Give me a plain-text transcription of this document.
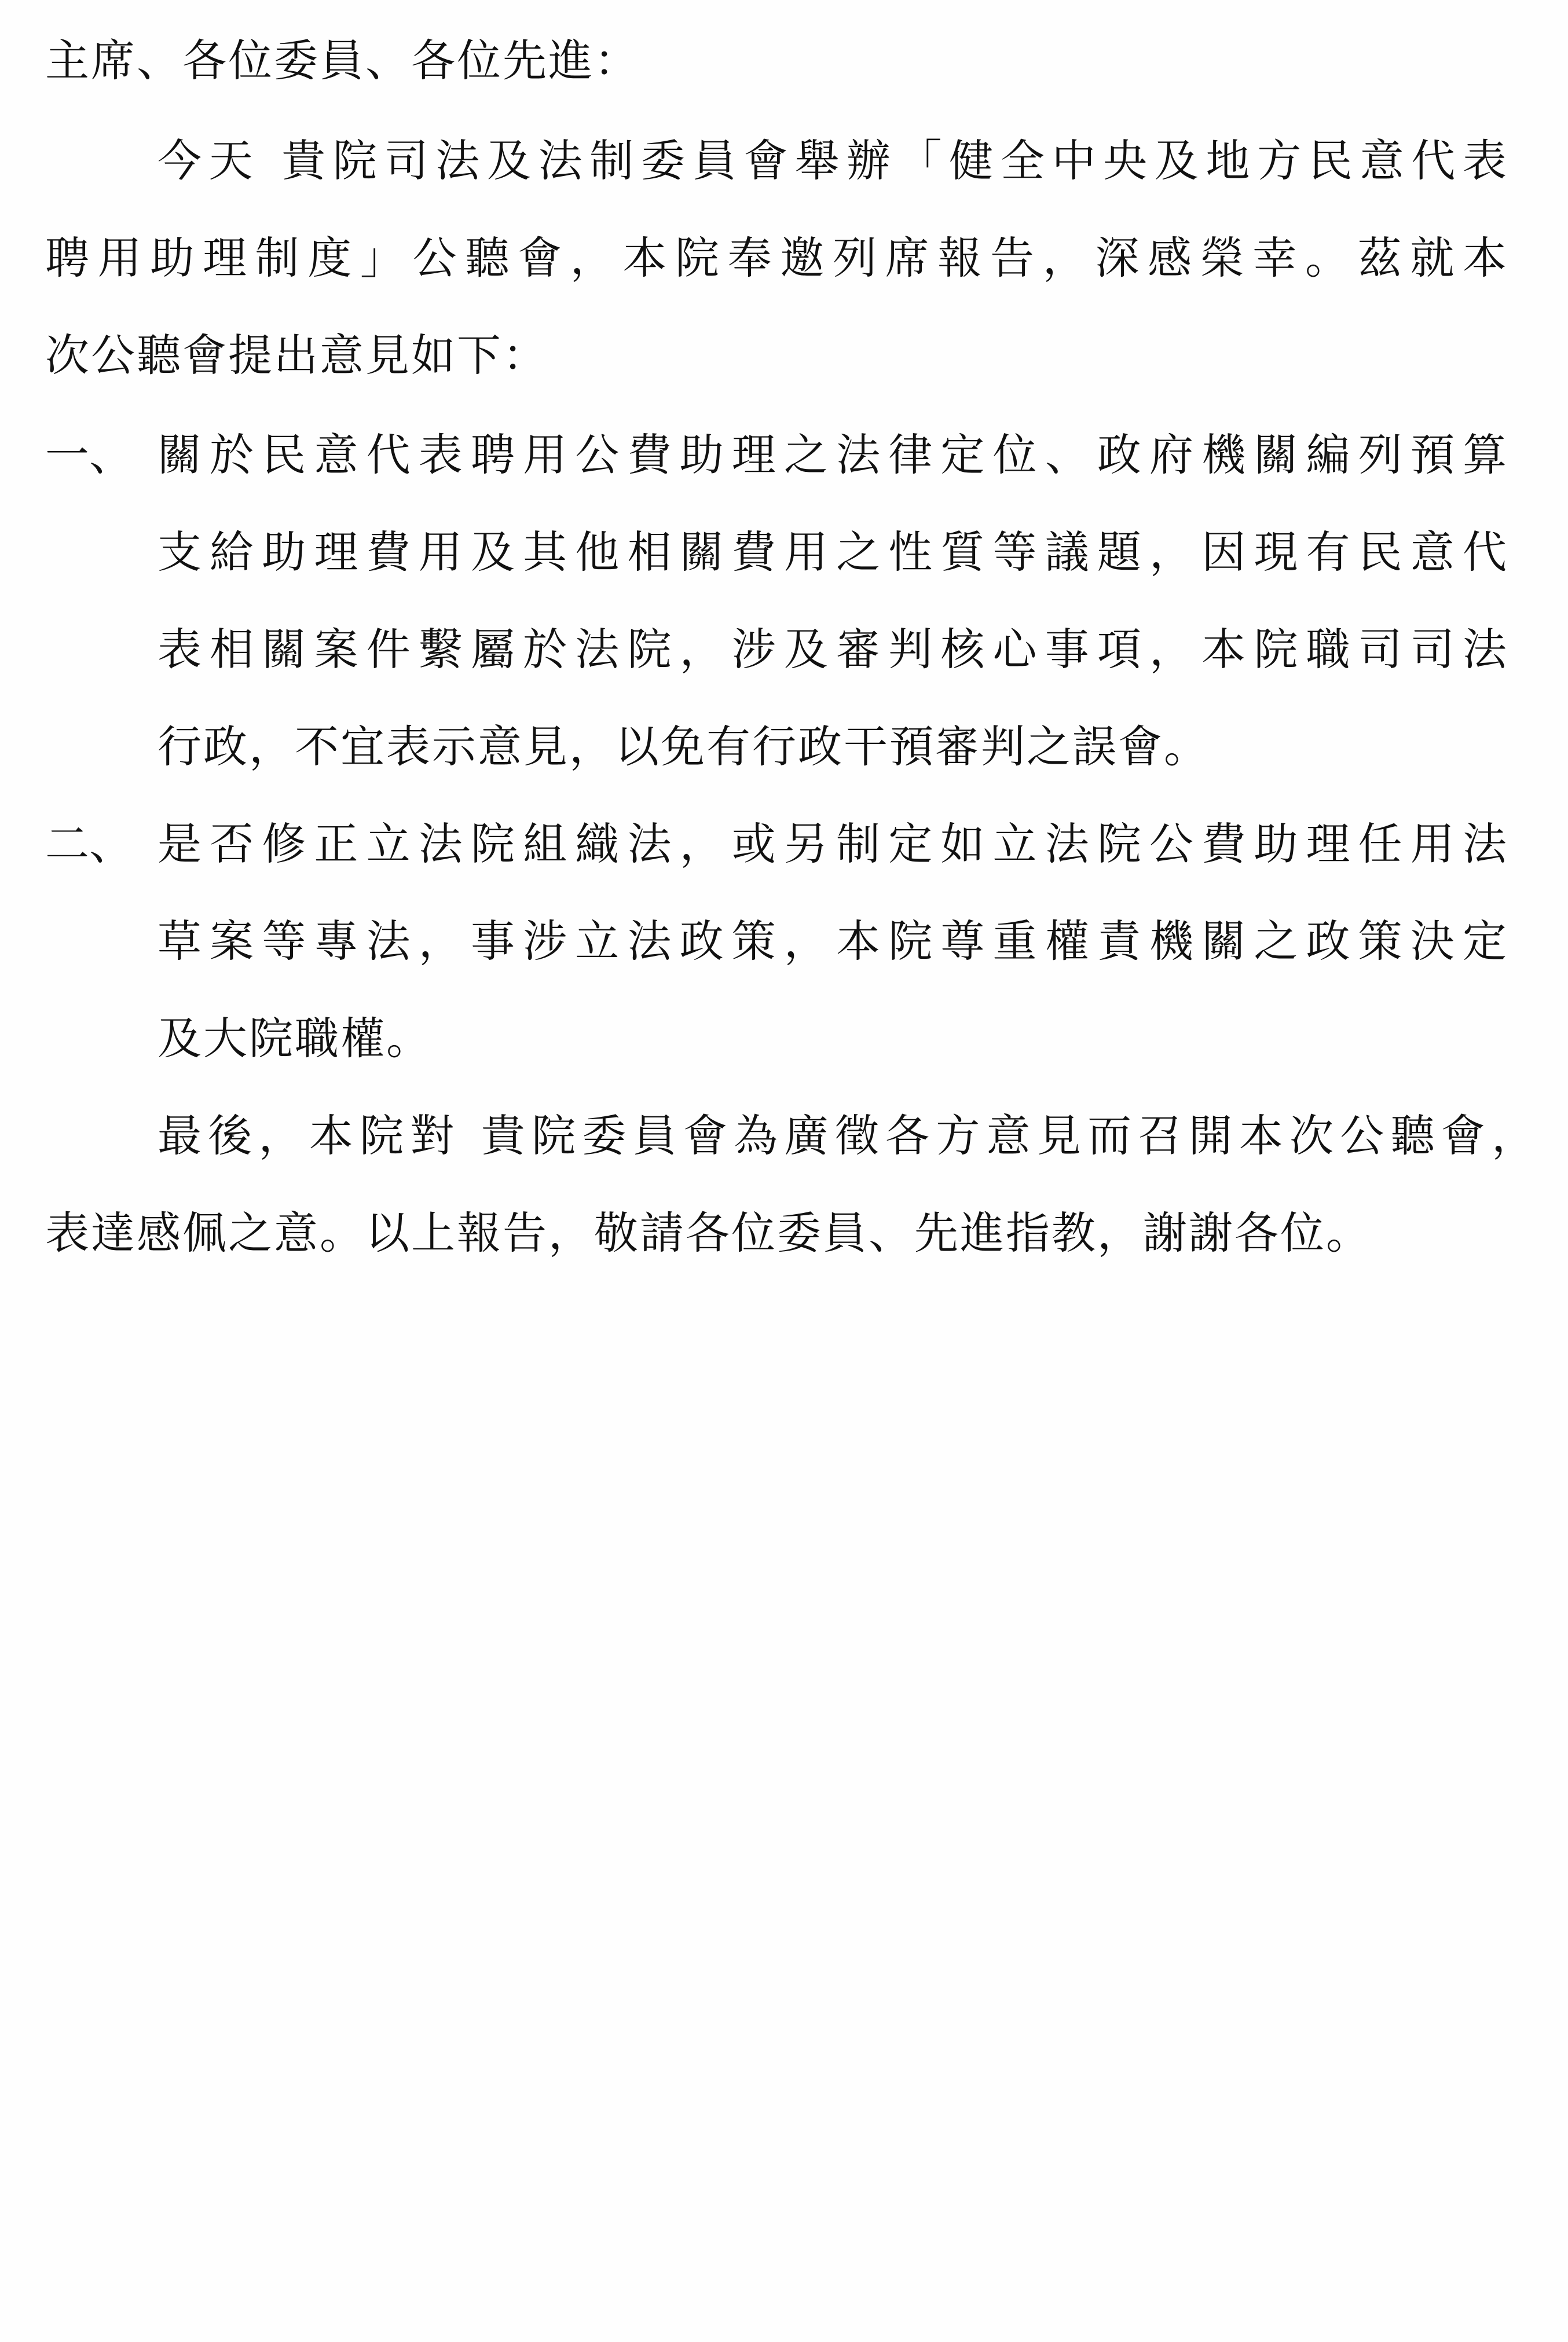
主席、各位委員、各位先進：
今天 貴院司法及法制委員會舉辦「健全中央及地方民意代表
聘用助理制度」公聽會，本院奉邀列席報告，深感榮幸。茲就本
次公聽會提出意見如下：
一、 關於民意代表聘用公費助理之法律定位、政府機關編列預算
支給助理費用及其他相關費用之性質等議題，因現有民意代
表相關案件繫屬於法院，涉及審判核心事項，本院職司司法
行政，不宜表示意見，以免有行政干預審判之誤會。
二、 是否修正立法院組織法，或另制定如立法院公費助理任用法
草案等專法，事涉立法政策，本院尊重權責機關之政策決定
及大院職權。
最後，本院對 貴院委員會為廣徵各方意見而召開本次公聽會，
表達感佩之意。以上報告，敬請各位委員、先進指教，謝謝各位。
